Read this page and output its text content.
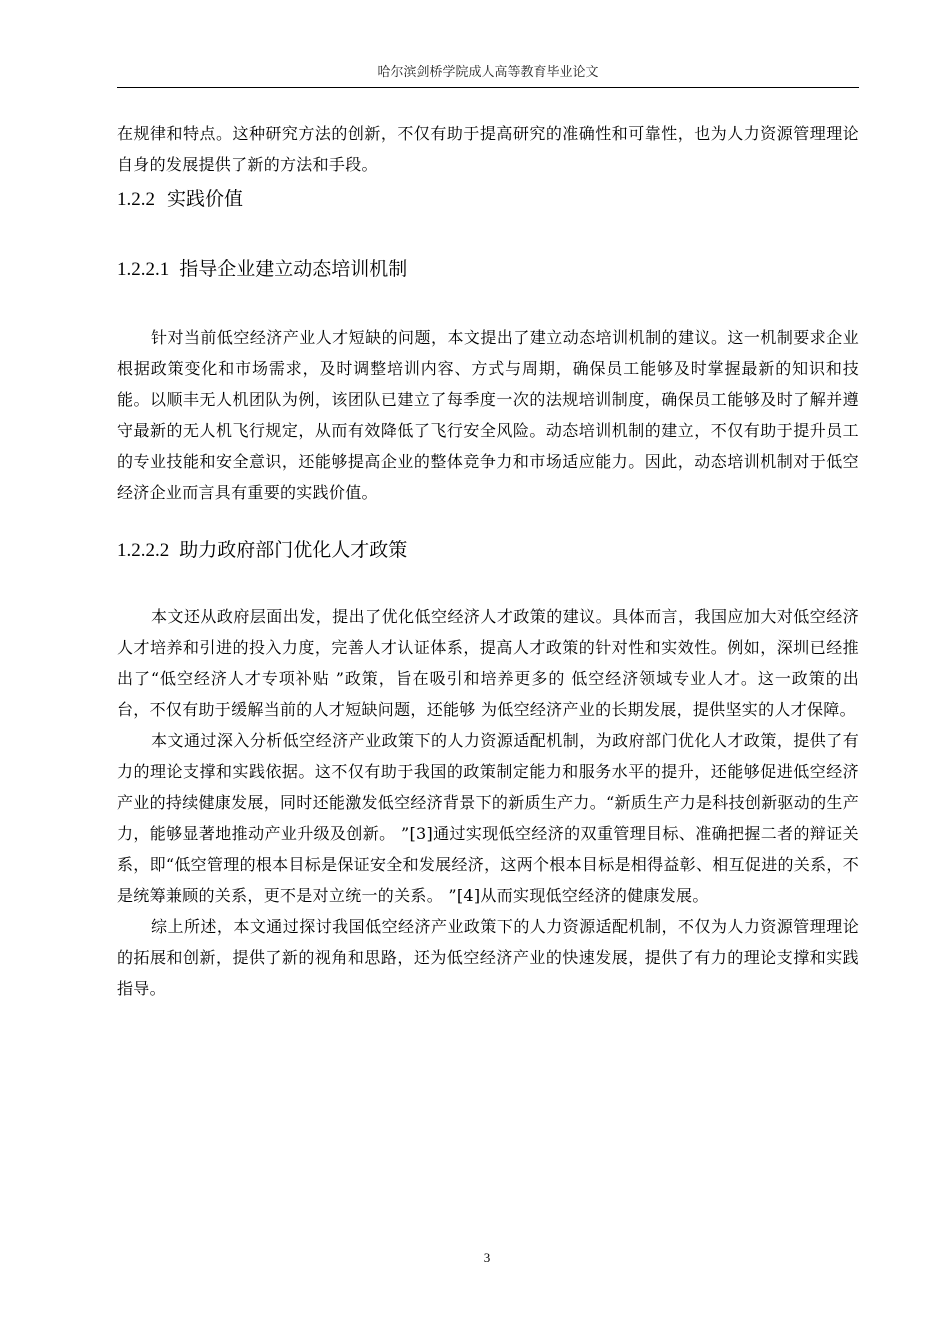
哈尔滨剑桥学院成人高等教育毕业论文

在规律和特点。这种研究方法的创新，不仅有助于提高研究的准确性和可靠性，也为人力资源管理理论自身的发展提供了新的方法和手段。

1.2.2 实践价值
1.2.2.1 指导企业建立动态培训机制

针对当前低空经济产业人才短缺的问题，本文提出了建立动态培训机制的建议。这一机制要求企业根据政策变化和市场需求，及时调整培训内容、方式与周期，确保员工能够及时掌握最新的知识和技能。以顺丰无人机团队为例，该团队已建立了每季度一次的法规培训制度，确保员工能够及时了解并遵守最新的无人机飞行规定，从而有效降低了飞行安全风险。动态培训机制的建立，不仅有助于提升员工的专业技能和安全意识，还能够提高企业的整体竞争力和市场适应能力。因此，动态培训机制对于低空经济企业而言具有重要的实践价值。

1.2.2.2 助力政府部门优化人才政策

本文还从政府层面出发，提出了优化低空经济人才政策的建议。具体而言，我国应加大对低空经济人才培养和引进的投入力度，完善人才认证体系，提高人才政策的针对性和实效性。例如，深圳已经推出了“低空经济人才专项补贴 ”政策，旨在吸引和培养更多的 低空经济领域专业人才。这一政策的出台，不仅有助于缓解当前的人才短缺问题，还能够 为低空经济产业的长期发展，提供坚实的人才保障。

本文通过深入分析低空经济产业政策下的人力资源适配机制，为政府部门优化人才政策，提供了有力的理论支撑和实践依据。这不仅有助于我国的政策制定能力和服务水平的提升，还能够促进低空经济产业的持续健康发展，同时还能激发低空经济背景下的新质生产力。“新质生产力是科技创新驱动的生产力，能够显著地推动产业升级及创新。 ”[3]通过实现低空经济的双重管理目标、准确把握二者的辩证关系，即“低空管理的根本目标是保证安全和发展经济，这两个根本目标是相得益彰、相互促进的关系，不是统筹兼顾的关系，更不是对立统一的关系。 ”[4]从而实现低空经济的健康发展。

综上所述，本文通过探讨我国低空经济产业政策下的人力资源适配机制，不仅为人力资源管理理论的拓展和创新，提供了新的视角和思路，还为低空经济产业的快速发展，提供了有力的理论支撑和实践指导。

3
